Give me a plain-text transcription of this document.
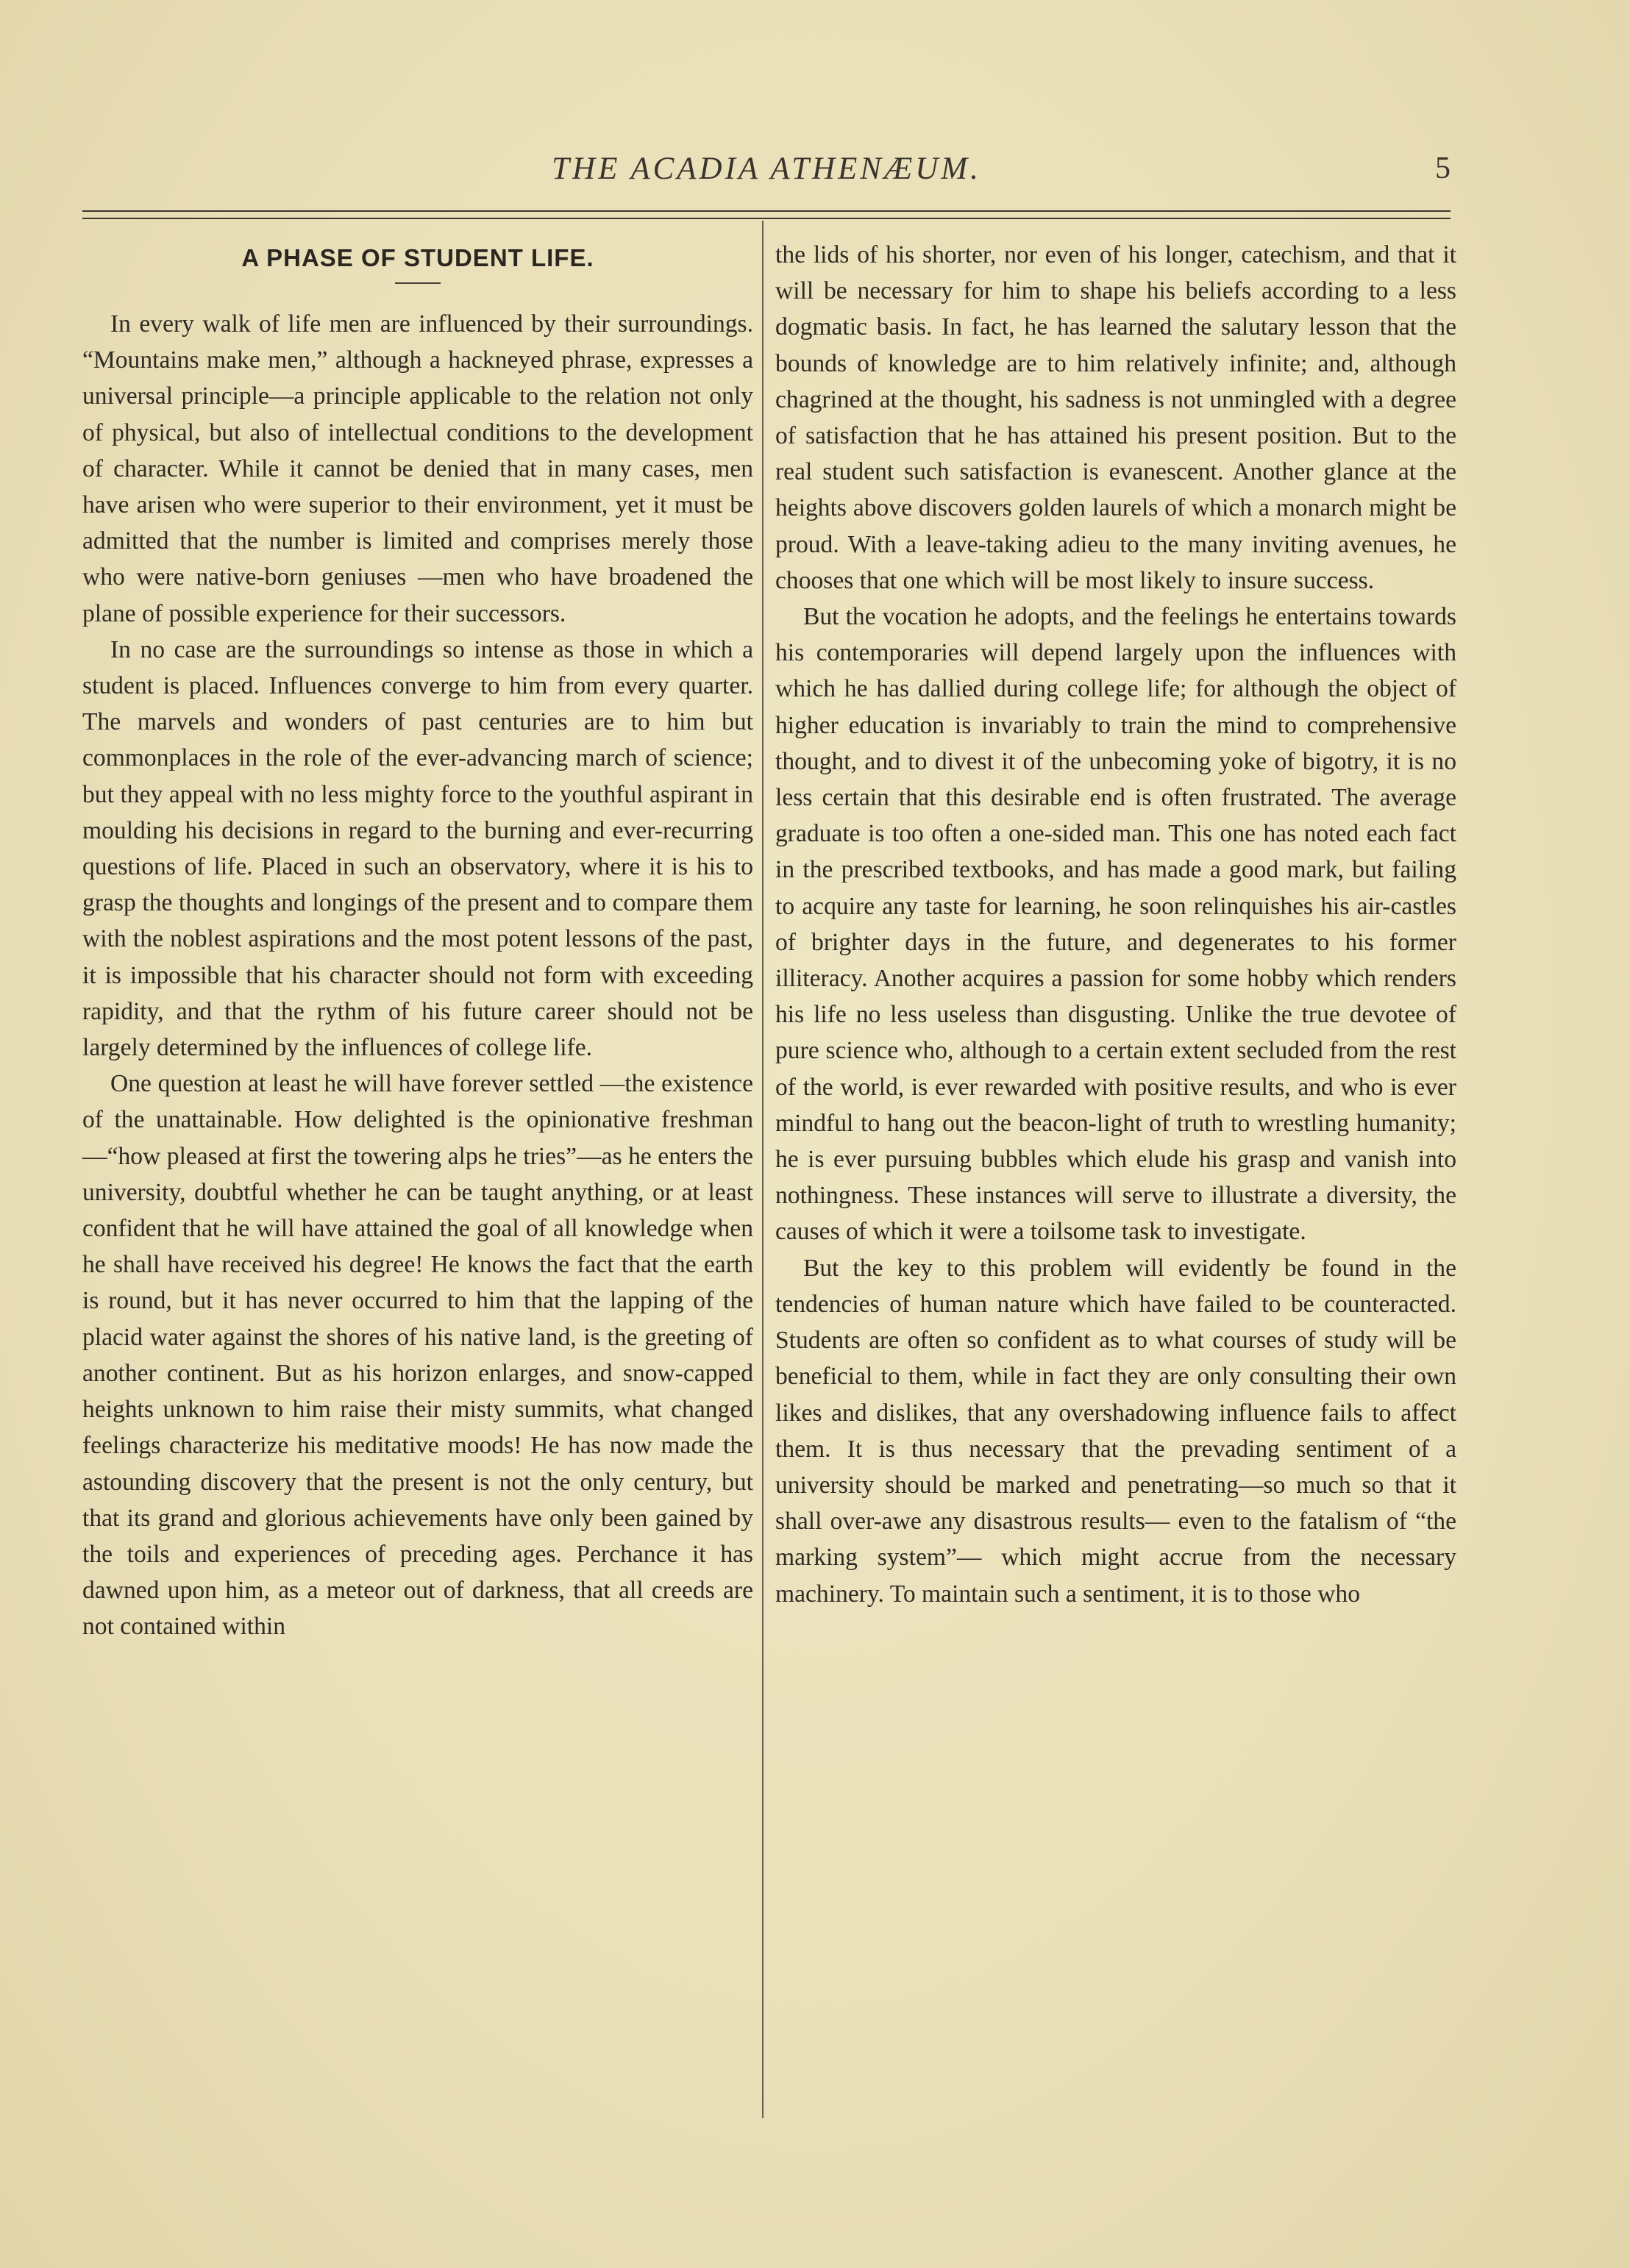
THE ACADIA ATHENÆUM.	5
A PHASE OF STUDENT LIFE.

In every walk of life men are influenced by their surroundings. “Mountains make men,” although a hackneyed phrase, expresses a universal principle—a principle applicable to the relation not only of physical, but also of intellectual conditions to the development of character. While it cannot be denied that in many cases, men have arisen who were superior to their environment, yet it must be admitted that the number is limited and comprises merely those who were native-born geniuses —men who have broadened the plane of possible experience for their successors.

In no case are the surroundings so intense as those in which a student is placed. Influences converge to him from every quarter. The marvels and wonders of past centuries are to him but commonplaces in the role of the ever-advancing march of science; but they appeal with no less mighty force to the youthful aspirant in moulding his decisions in regard to the burning and ever-recurring questions of life. Placed in such an observatory, where it is his to grasp the thoughts and longings of the present and to compare them with the noblest aspirations and the most potent lessons of the past, it is impossible that his character should not form with exceeding rapidity, and that the rythm of his future career should not be largely determined by the influences of college life.

One question at least he will have forever settled —the existence of the unattainable. How delighted is the opinionative freshman—“how pleased at first the towering alps he tries”—as he enters the university, doubtful whether he can be taught anything, or at least confident that he will have attained the goal of all knowledge when he shall have received his degree! He knows the fact that the earth is round, but it has never occurred to him that the lapping of the placid water against the shores of his native land, is the greeting of another continent. But as his horizon enlarges, and snow-capped heights unknown to him raise their misty summits, what changed feelings characterize his meditative moods! He has now made the astounding discovery that the present is not the only century, but that its grand and glorious achievements have only been gained by the toils and experiences of preceding ages. Perchance it has dawned upon him, as a meteor out of darkness, that all creeds are not contained within

the lids of his shorter, nor even of his longer, catechism, and that it will be necessary for him to shape his beliefs according to a less dogmatic basis. In fact, he has learned the salutary lesson that the bounds of knowledge are to him relatively infinite; and, although chagrined at the thought, his sadness is not unmingled with a degree of satisfaction that he has attained his present position. But to the real student such satisfaction is evanescent. Another glance at the heights above discovers golden laurels of which a monarch might be proud. With a leave-taking adieu to the many inviting avenues, he chooses that one which will be most likely to insure success.

But the vocation he adopts, and the feelings he entertains towards his contemporaries will depend largely upon the influences with which he has dallied during college life; for although the object of higher education is invariably to train the mind to comprehensive thought, and to divest it of the unbecoming yoke of bigotry, it is no less certain that this desirable end is often frustrated. The average graduate is too often a one-sided man. This one has noted each fact in the prescribed textbooks, and has made a good mark, but failing to acquire any taste for learning, he soon relinquishes his air-castles of brighter days in the future, and degenerates to his former illiteracy. Another acquires a passion for some hobby which renders his life no less useless than disgusting. Unlike the true devotee of pure science who, although to a certain extent secluded from the rest of the world, is ever rewarded with positive results, and who is ever mindful to hang out the beacon-light of truth to wrestling humanity; he is ever pursuing bubbles which elude his grasp and vanish into nothingness. These instances will serve to illustrate a diversity, the causes of which it were a toilsome task to investigate.

But the key to this problem will evidently be found in the tendencies of human nature which have failed to be counteracted. Students are often so confident as to what courses of study will be beneficial to them, while in fact they are only consulting their own likes and dislikes, that any overshadowing influence fails to affect them. It is thus necessary that the prevading sentiment of a university should be marked and penetrating—so much so that it shall over-awe any disastrous results— even to the fatalism of “the marking system”— which might accrue from the necessary machinery. To maintain such a sentiment, it is to those who
